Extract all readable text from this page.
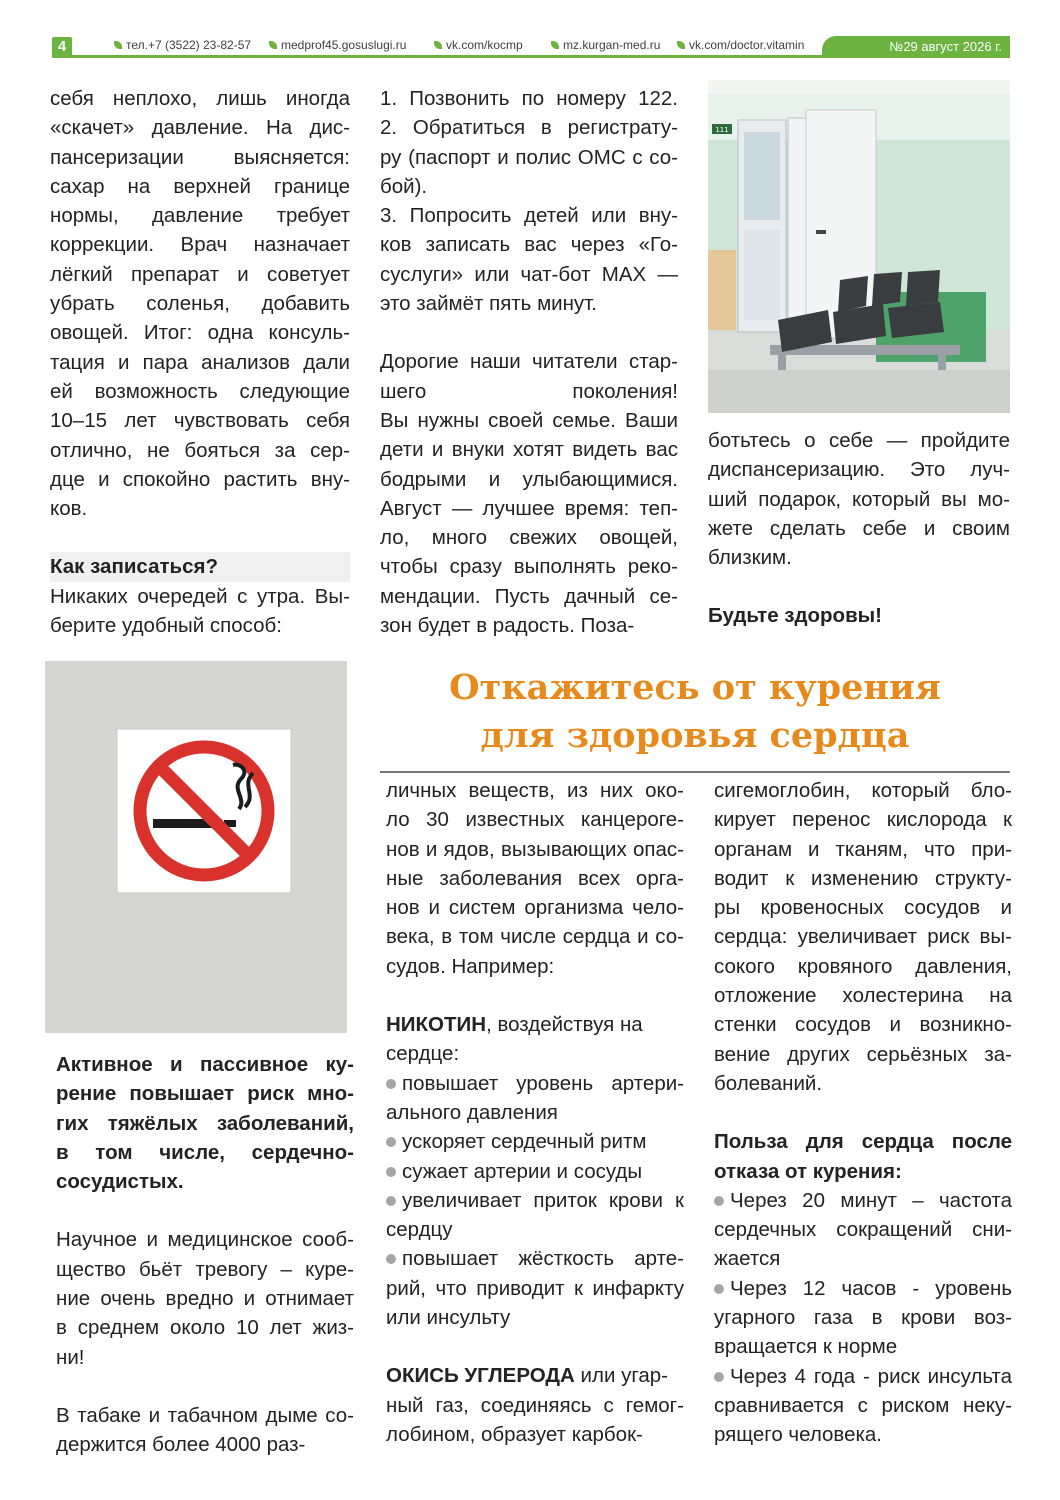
4	тел.+7 (3522) 23-82-57	medprof45.gosuslugi.ru	vk.com/kocmp	mz.kurgan-med.ru	vk.com/doctor.vitamin	№29 август 2026 г.
себя неплохо, лишь иногда
«скачет» давление. На дис-
пансеризации выясняется:
сахар на верхней границе
нормы, давление требует
коррекции. Врач назначает
лёгкий препарат и советует
убрать соленья, добавить
овощей. Итог: одна консуль-
тация и пара анализов дали
ей возможность следующие
10–15 лет чувствовать себя
отлично, не бояться за сер-
дце и спокойно растить вну-
ков.

Как записаться?

Никаких очередей с утра. Вы-
берите удобный способ:
1. Позвонить по номеру 122.
2. Обратиться в регистрату-
ру (паспорт и полис ОМС с со-
бой).
3. Попросить детей или вну-
ков записать вас через «Го-
суслуги» или чат-бот MAX —
это займёт пять минут.
Дорогие наши читатели стар-
шего поколения!
Вы нужны своей семье. Ваши
дети и внуки хотят видеть вас
бодрыми и улыбающимися.
Август — лучшее время: теп-
ло, много свежих овощей,
чтобы сразу выполнять реко-
мендации. Пусть дачный се-
зон будет в радость. Поза-
111
ботьтесь о себе — пройдите
диспансеризацию. Это луч-
ший подарок, который вы мо-
жете сделать себе и своим
близким.

Будьте здоровы!

Активное и пассивное ку-
рение повышает риск мно-
гих тяжёлых заболеваний,
в том числе, сердечно-
сосудистых.
Научное и медицинское сооб-
щество бьёт тревогу – куре-
ние очень вредно и отнимает
в среднем около 10 лет жиз-
ни!
В табаке и табачном дыме со-
держится более 4000 раз-
Откажитесь от курения
для здоровья сердца
личных веществ, из них око-
ло 30 известных канцероге-
нов и ядов, вызывающих опас-
ные заболевания всех орга-
нов и систем организма чело-
века, в том числе сердца и со-
судов. Например:

НИКОТИН, воздействуя на

сердце:

повышает уровень артери-
ального давления
ускоряет сердечный ритм
сужает артерии и сосуды
увеличивает приток крови к
сердцу
повышает жёсткость арте-
рий, что приводит к инфаркту
или инсульту

ОКИСЬ УГЛЕРОДА или угар-

ный газ, соединяясь с гемог-
лобином, образует карбок-
сигемоглобин, который бло-
кирует перенос кислорода к
органам и тканям, что при-
водит к изменению структу-
ры кровеносных сосудов и
сердца: увеличивает риск вы-
сокого кровяного давления,
отложение холестерина на
стенки сосудов и возникно-
вение других серьёзных за-
болеваний.
Польза для сердца после
отказа от курения:
Через 20 минут – частота
сердечных сокращений сни-
жается
Через 12 часов - уровень
угарного газа в крови воз-
вращается к норме
Через 4 года - риск инсульта
сравнивается с риском неку-
рящего человека.
